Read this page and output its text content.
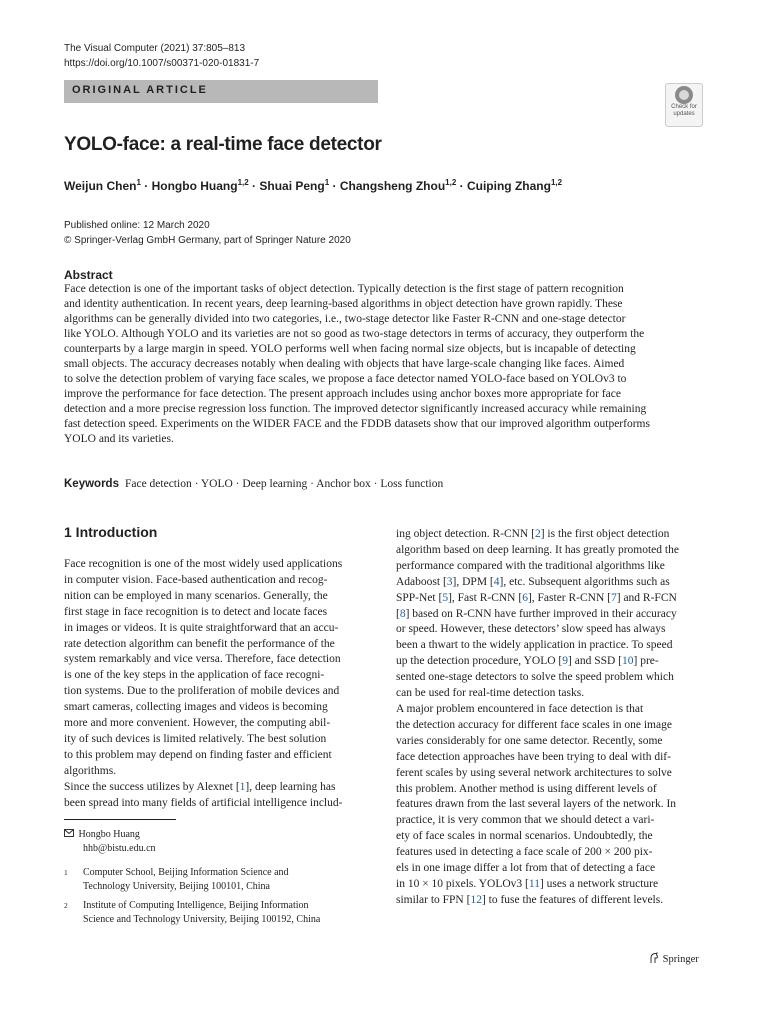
The Visual Computer (2021) 37:805–813
https://doi.org/10.1007/s00371-020-01831-7
ORIGINAL ARTICLE
Check for
updates
YOLO-face: a real-time face detector
Weijun Chen$^1$ · Hongbo Huang$^{1,2}$ · Shuai Peng$^1$ · Changsheng Zhou$^{1,2}$ · Cuiping Zhang$^{1,2}$
Published online: 12 March 2020
© Springer-Verlag GmbH Germany, part of Springer Nature 2020
Abstract
Face detection is one of the important tasks of object detection. Typically detection is the first stage of pattern recognition
and identity authentication. In recent years, deep learning-based algorithms in object detection have grown rapidly. These
algorithms can be generally divided into two categories, i.e., two-stage detector like Faster R-CNN and one-stage detector
like YOLO. Although YOLO and its varieties are not so good as two-stage detectors in terms of accuracy, they outperform the
counterparts by a large margin in speed. YOLO performs well when facing normal size objects, but is incapable of detecting
small objects. The accuracy decreases notably when dealing with objects that have large-scale changing like faces. Aimed
to solve the detection problem of varying face scales, we propose a face detector named YOLO-face based on YOLOv3 to
improve the performance for face detection. The present approach includes using anchor boxes more appropriate for face
detection and a more precise regression loss function. The improved detector significantly increased accuracy while remaining
fast detection speed. Experiments on the WIDER FACE and the FDDB datasets show that our improved algorithm outperforms
YOLO and its varieties.
Keywords Face detection · YOLO · Deep learning · Anchor box · Loss function
1 Introduction
Face recognition is one of the most widely used applications
in computer vision. Face-based authentication and recog-
nition can be employed in many scenarios. Generally, the
first stage in face recognition is to detect and locate faces
in images or videos. It is quite straightforward that an accu-
rate detection algorithm can benefit the performance of the
system remarkably and vice versa. Therefore, face detection
is one of the key steps in the application of face recogni-
tion systems. Due to the proliferation of mobile devices and
smart cameras, collecting images and videos is becoming
more and more convenient. However, the computing abil-
ity of such devices is limited relatively. The best solution
to this problem may depend on finding faster and efficient
algorithms.
Since the success utilizes by Alexnet [1], deep learning has
been spread into many fields of artificial intelligence includ-
ing object detection. R-CNN [2] is the first object detection
algorithm based on deep learning. It has greatly promoted the
performance compared with the traditional algorithms like
Adaboost [3], DPM [4], etc. Subsequent algorithms such as
SPP-Net [5], Fast R-CNN [6], Faster R-CNN [7] and R-FCN
[8] based on R-CNN have further improved in their accuracy
or speed. However, these detectors’ slow speed has always
been a thwart to the widely application in practice. To speed
up the detection procedure, YOLO [9] and SSD [10] pre-
sented one-stage detectors to solve the speed problem which
can be used for real-time detection tasks.
A major problem encountered in face detection is that
the detection accuracy for different face scales in one image
varies considerably for one same detector. Recently, some
face detection approaches have been trying to deal with dif-
ferent scales by using several network architectures to solve
this problem. Another method is using different levels of
features drawn from the last several layers of the network. In
practice, it is very common that we should detect a vari-
ety of face scales in normal scenarios. Undoubtedly, the
features used in detecting a face scale of 200 × 200 pix-
els in one image differ a lot from that of detecting a face
in 10 × 10 pixels. YOLOv3 [11] uses a network structure
similar to FPN [12] to fuse the features of different levels.
Hongbo Huang
hhb@bistu.edu.cn
1 Computer School, Beijing Information Science and
Technology University, Beijing 100101, China
2 Institute of Computing Intelligence, Beijing Information
Science and Technology University, Beijing 100192, China
Springer
